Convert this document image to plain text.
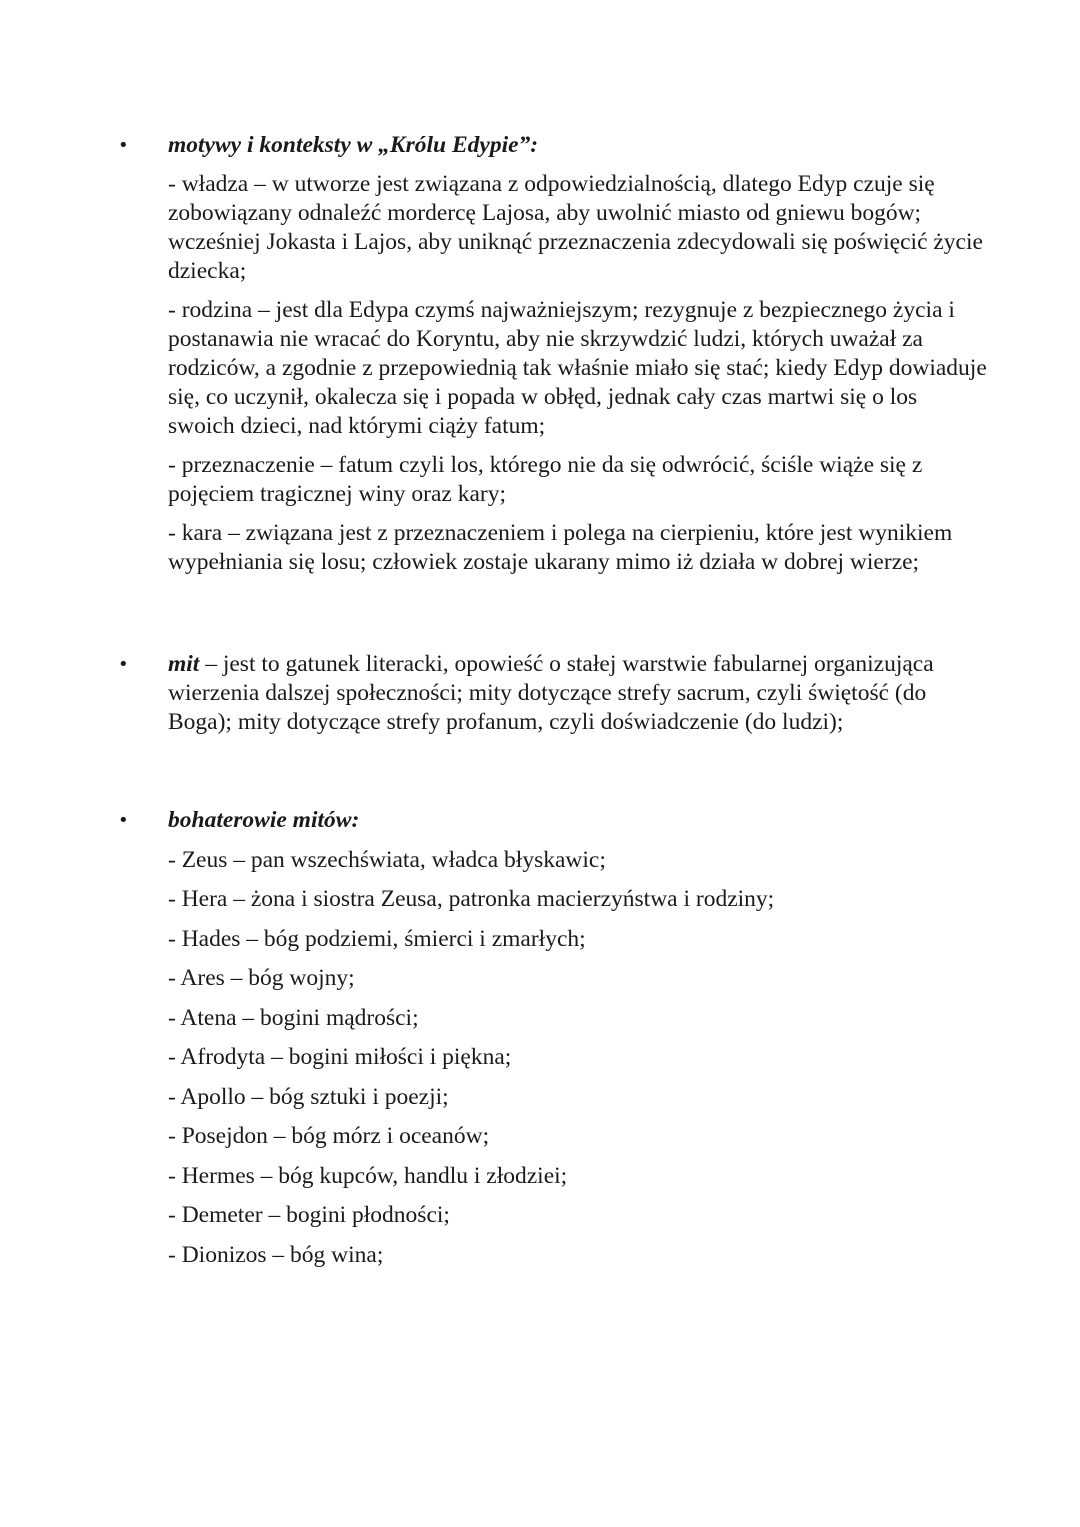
•	motywy i konteksty w „Królu Edypie”:
- władza – w utworze jest związana z odpowiedzialnością, dlatego Edyp czuje się zobowiązany odnaleźć mordercę Lajosa, aby uwolnić miasto od gniewu bogów; wcześniej Jokasta i Lajos, aby uniknąć przeznaczenia zdecydowali się poświęcić życie dziecka;
- rodzina – jest dla Edypa czymś najważniejszym; rezygnuje z bezpiecznego życia i postanawia nie wracać do Koryntu, aby nie skrzywdzić ludzi, których uważał za rodziców, a zgodnie z przepowiednią tak właśnie miało się stać; kiedy Edyp dowiaduje się, co uczynił, okalecza się i popada w obłęd, jednak cały czas martwi się o los swoich dzieci, nad którymi ciąży fatum;
- przeznaczenie – fatum czyli los, którego nie da się odwrócić, ściśle wiąże się z pojęciem tragicznej winy oraz kary;
- kara – związana jest z przeznaczeniem i polega na cierpieniu, które jest wynikiem wypełniania się losu; człowiek zostaje ukarany mimo iż działa w dobrej wierze;
•	mit – jest to gatunek literacki, opowieść o stałej warstwie fabularnej organizująca wierzenia dalszej społeczności; mity dotyczące strefy sacrum, czyli świętość (do Boga); mity dotyczące strefy profanum, czyli doświadczenie (do ludzi);
•	bohaterowie mitów:
- Zeus – pan wszechświata, władca błyskawic;
- Hera – żona i siostra Zeusa, patronka macierzyństwa i rodziny;
- Hades – bóg podziemi, śmierci i zmarłych;
- Ares – bóg wojny;
- Atena – bogini mądrości;
- Afrodyta – bogini miłości i piękna;
- Apollo – bóg sztuki i poezji;
- Posejdon – bóg mórz i oceanów;
- Hermes – bóg kupców, handlu i złodziei;
- Demeter – bogini płodności;
- Dionizos – bóg wina;
